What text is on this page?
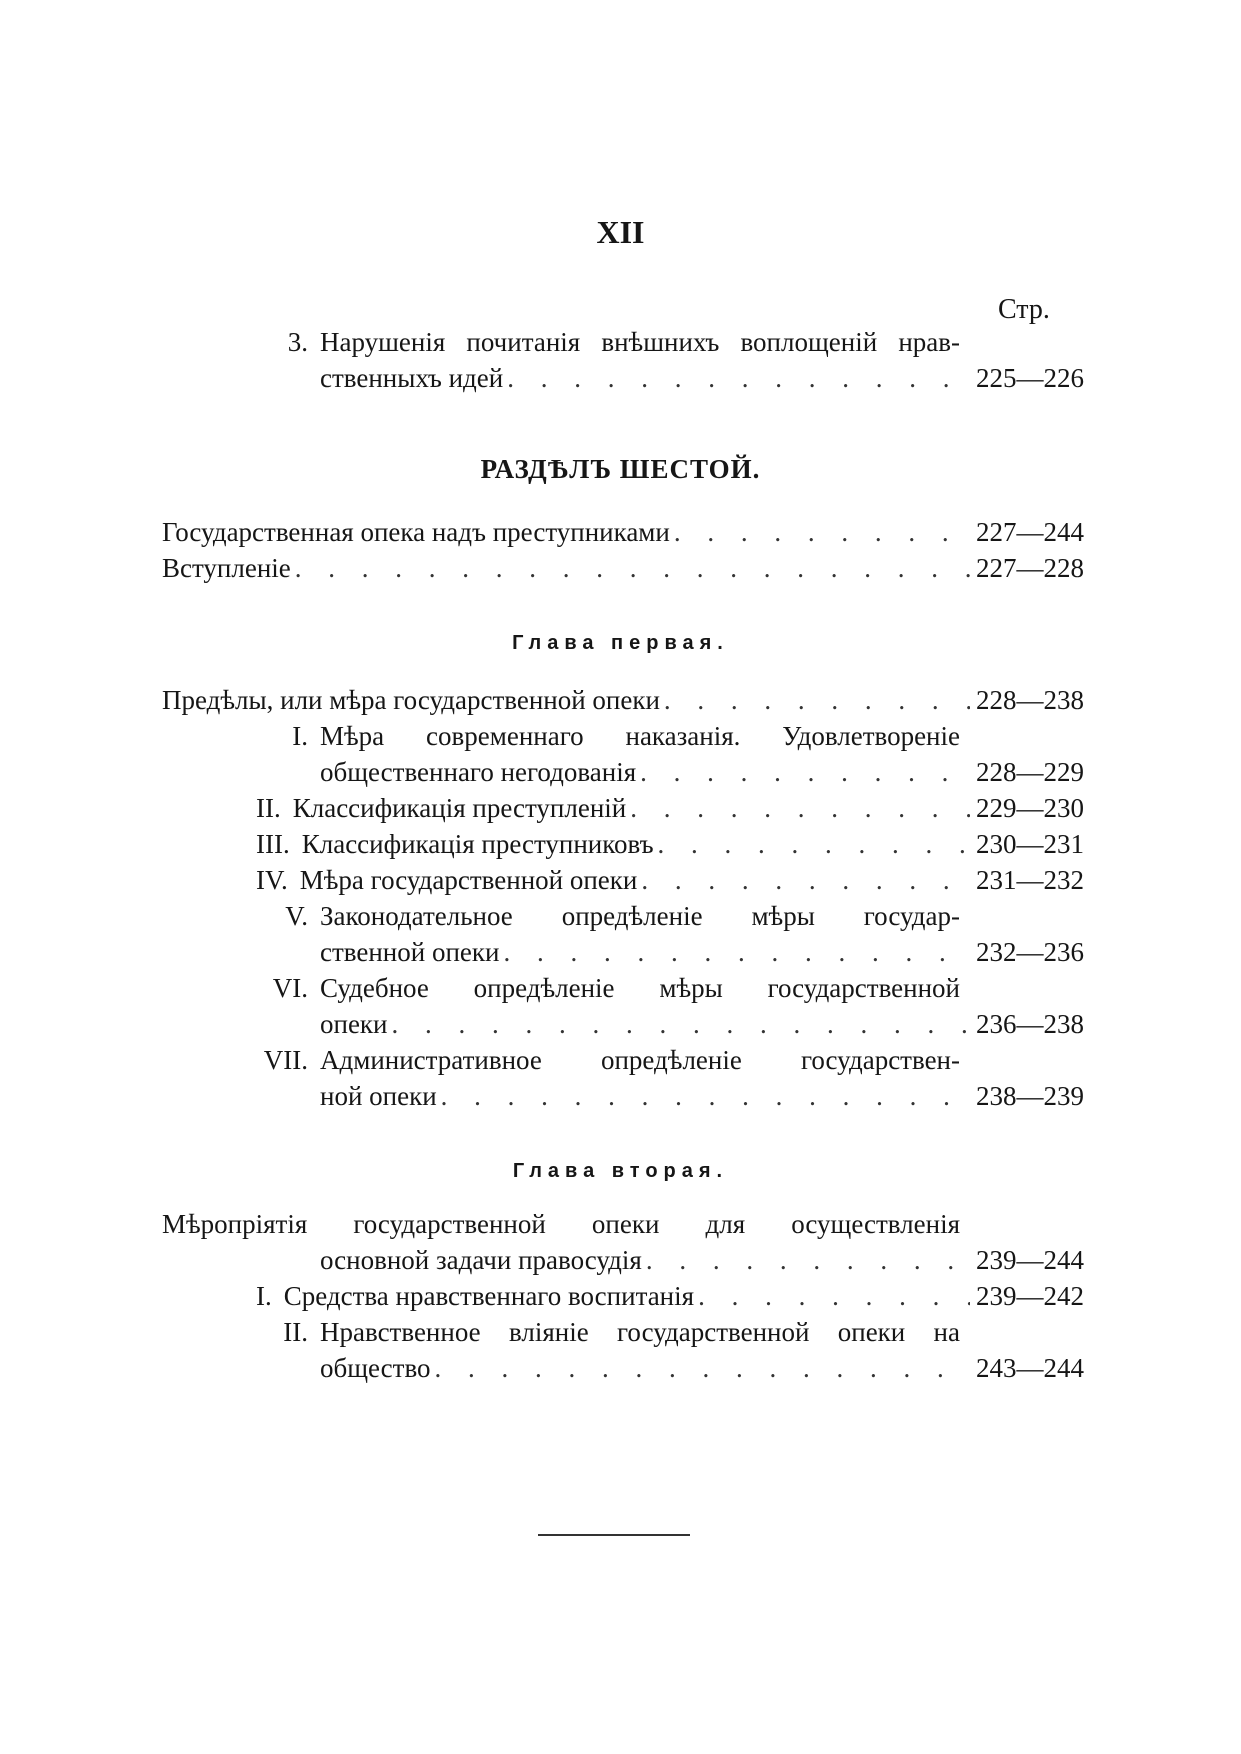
XII
Стр.
3. Нарушенія почитанія внѣшнихъ воплощеній нрав-
ственныхъ идей . . .	225—226
РАЗДѢЛЪ ШЕСТОЙ.
Государственная опека надъ преступниками . . .	227—244
Вступленіе . . .	227—228
Глава первая.
Предѣлы, или мѣра государственной опеки . . .	228—238
I. Мѣра современнаго наказанія. Удовлетвореніе
общественнаго негодованія . . .	228—229
II. Классификація преступленій . . .	229—230
III. Классификація преступниковъ . . .	230—231
IV. Мѣра государственной опеки . . .	231—232
V. Законодательное опредѣленіе мѣры государ-
ственной опеки . . .	232—236
VI. Судебное опредѣленіе мѣры государственной
опеки . . .	236—238
VII. Административное опредѣленіе государствен-
ной опеки . . .	238—239
Глава вторая.
Мѣропріятія государственной опеки для осуществленія
основной задачи правосудія . . .	239—244
I. Средства нравственнаго воспитанія . . .	239—242
II. Нравственное вліяніе государственной опеки на
общество . . .	243—244
